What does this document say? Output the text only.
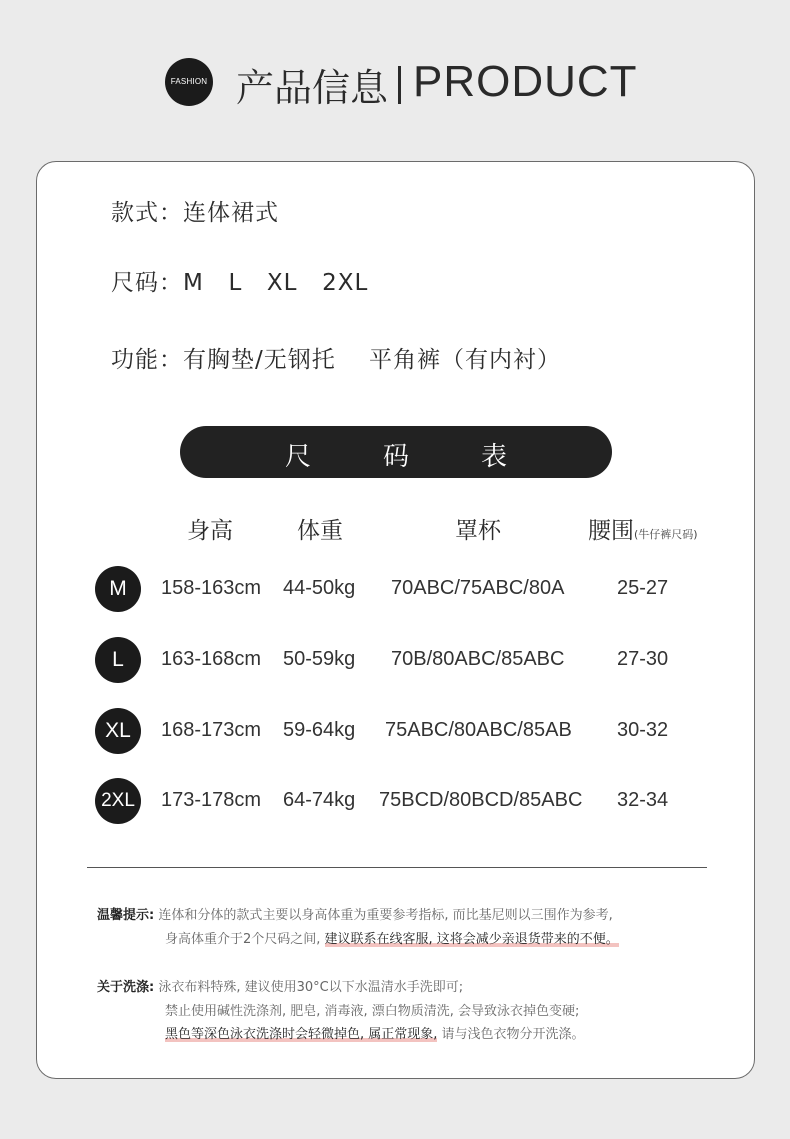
FASHION 产品信息 PRODUCT
款式：连体裙式
尺码：M  L  XL  2XL
功能：有胸垫/无钢托    平角裤（有内衬）
尺	码	表
身高	体重	罩杯	腰围(牛仔裤尺码)
M	158-163cm 44-50kg 70ABC/75ABC/80A	25-27
L	163-168cm 50-59kg 70B/80ABC/85ABC	27-30
XL	168-173cm 59-64kg 75ABC/80ABC/85AB 30-32
2XL	173-178cm 64-74kg 75BCD/80BCD/85ABC 32-34
温馨提示: 连体和分体的款式主要以身高体重为重要参考指标, 而比基尼则以三围作为参考,
身高体重介于2个尺码之间, 建议联系在线客服, 这将会减少亲退货带来的不便。
关于洗涤: 泳衣布料特殊, 建议使用30°C以下水温清水手洗即可;
禁止使用碱性洗涤剂, 肥皂, 消毒液, 漂白物质清洗, 会导致泳衣掉色变硬;
黑色等深色泳衣洗涤时会轻微掉色, 属正常现象, 请与浅色衣物分开洗涤。
